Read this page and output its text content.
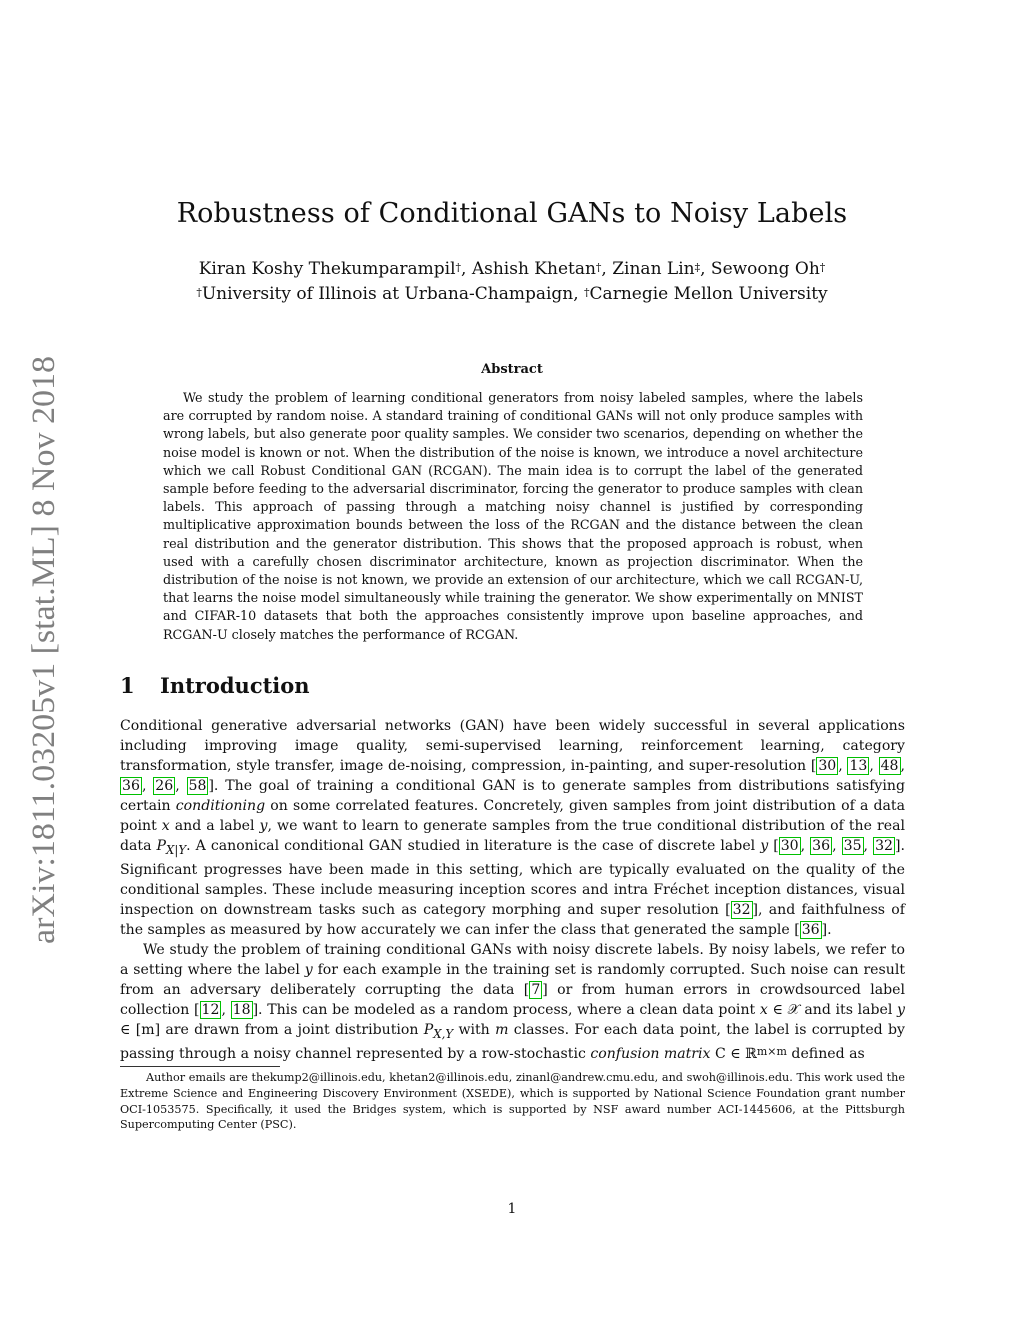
arXiv:1811.03205v1 [stat.ML] 8 Nov 2018
Robustness of Conditional GANs to Noisy Labels
Kiran Koshy Thekumparampil†, Ashish Khetan†, Zinan Lin‡, Sewoong Oh†
†University of Illinois at Urbana-Champaign, †Carnegie Mellon University
Abstract
We study the problem of learning conditional generators from noisy labeled samples, where the labels are corrupted by random noise. A standard training of conditional GANs will not only produce samples with wrong labels, but also generate poor quality samples. We consider two scenarios, depending on whether the noise model is known or not. When the distribution of the noise is known, we introduce a novel architecture which we call Robust Conditional GAN (RCGAN). The main idea is to corrupt the label of the generated sample before feeding to the adversarial discriminator, forcing the generator to produce samples with clean labels. This approach of passing through a matching noisy channel is justified by corresponding multiplicative approximation bounds between the loss of the RCGAN and the distance between the clean real distribution and the generator distribution. This shows that the proposed approach is robust, when used with a carefully chosen discriminator architecture, known as projection discriminator. When the distribution of the noise is not known, we provide an extension of our architecture, which we call RCGAN-U, that learns the noise model simultaneously while training the generator. We show experimentally on MNIST and CIFAR-10 datasets that both the approaches consistently improve upon baseline approaches, and RCGAN-U closely matches the performance of RCGAN.
1 Introduction

Conditional generative adversarial networks (GAN) have been widely successful in several applications including improving image quality, semi-supervised learning, reinforcement learning, category transformation, style transfer, image de-noising, compression, in-painting, and super-resolution [ 30 , 13 , 48 , 36 , 26 , 58 ]. The goal of training a conditional GAN is to generate samples from distributions satisfying certain conditioning on some correlated features. Concretely, given samples from joint distribution of a data point x and a label y, we want to learn to generate samples from the true conditional distribution of the real data $P_{X|Y}$. A canonical conditional GAN studied in literature is the case of discrete label y [ 30 , 36 , 35 , 32 ]. Significant progresses have been made in this setting, which are typically evaluated on the quality of the conditional samples. These include measuring inception scores and intra Fréchet inception distances, visual inspection on downstream tasks such as category morphing and super resolution [ 32 ], and faithfulness of the samples as measured by how accurately we can infer the class that generated the sample [ 36 ].

We study the problem of training conditional GANs with noisy discrete labels. By noisy labels, we refer to a setting where the label y for each example in the training set is randomly corrupted. Such noise can result from an adversary deliberately corrupting the data [ 7 ] or from human errors in crowdsourced label collection [ 12 , 18 ]. This can be modeled as a random process, where a clean data point x ∈ 𝒳 and its label y ∈ [m] are drawn from a joint distribution $P_{X,Y}$ with m classes. For each data point, the label is corrupted by passing through a noisy channel represented by a row-stochastic confusion matrix C ∈ ℝ$^{m\times m}$ defined as

Author emails are thekump2@illinois.edu, khetan2@illinois.edu, zinanl@andrew.cmu.edu, and swoh@illinois.edu. This work used the Extreme Science and Engineering Discovery Environment (XSEDE), which is supported by National Science Foundation grant number OCI-1053575. Specifically, it used the Bridges system, which is supported by NSF award number ACI-1445606, at the Pittsburgh Supercomputing Center (PSC).
1
